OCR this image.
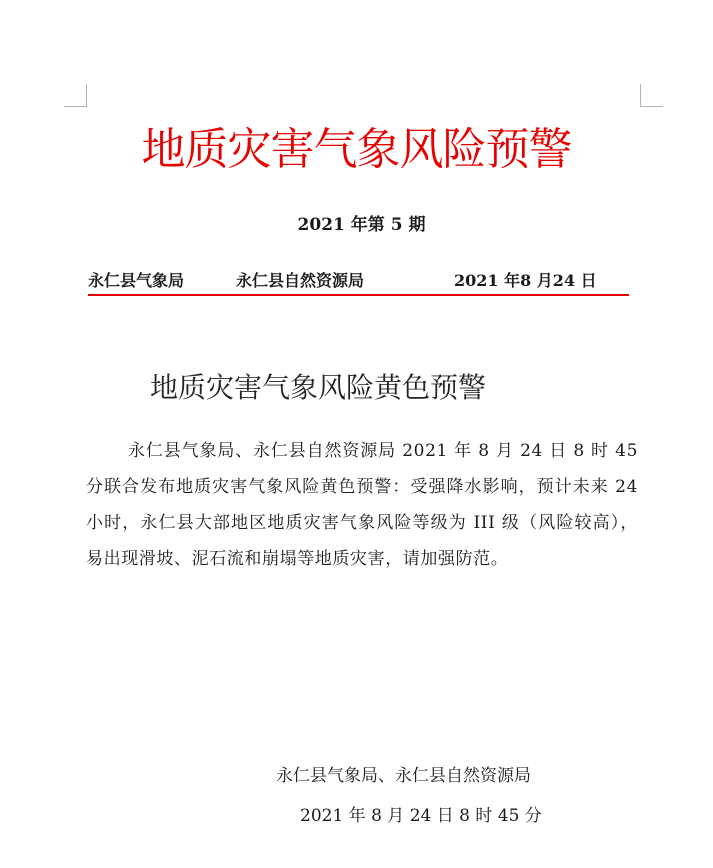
地质灾害气象风险预警
2021 年第 5 期
永仁县气象局	永仁县自然资源局	2021 年8 月24 日
地质灾害气象风险黄色预警
永仁县气象局、永仁县自然资源局 2021 年 8 月 24 日 8 时 45 分联合发布地质灾害气象风险黄色预警：受强降水影响，预计未来 24 小时，永仁县大部地区地质灾害气象风险等级为 III 级（风险较高），易出现滑坡、泥石流和崩塌等地质灾害，请加强防范。
永仁县气象局、永仁县自然资源局
2021 年 8 月 24 日 8 时 45 分
